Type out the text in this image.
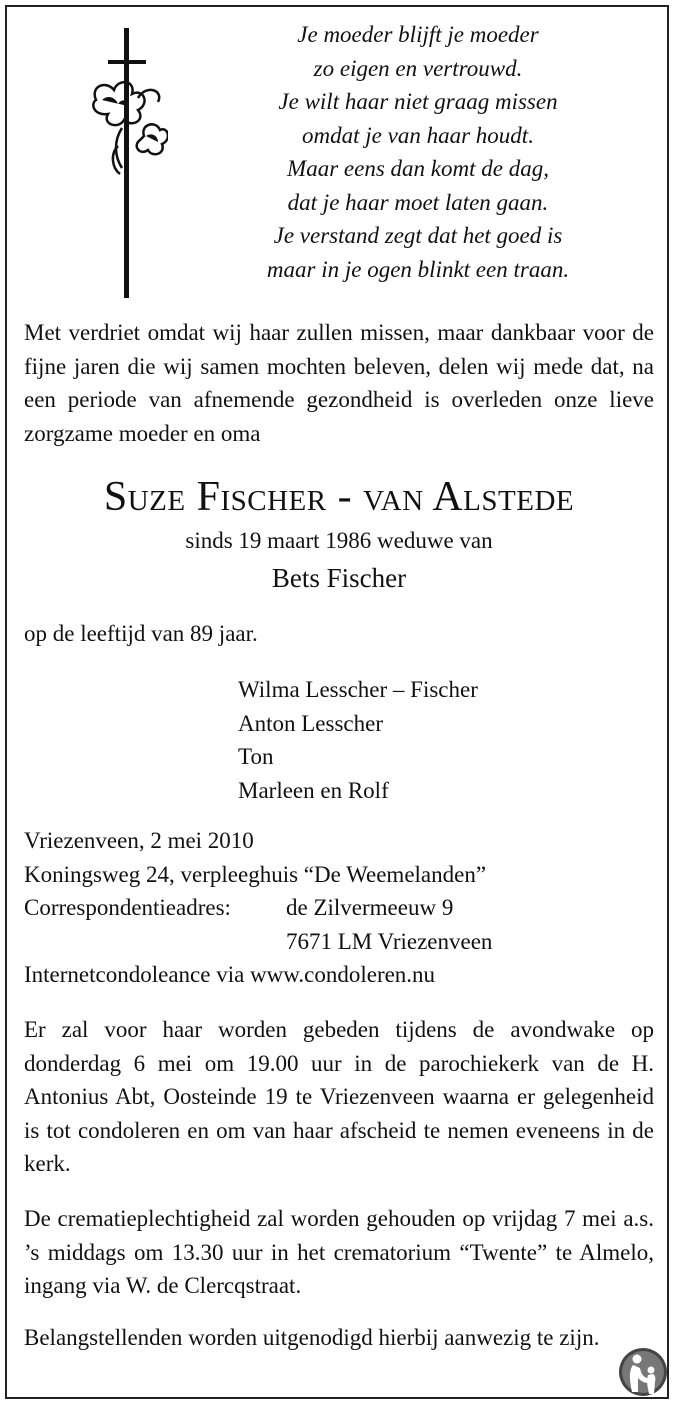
Je moeder blijft je moeder
zo eigen en vertrouwd.
Je wilt haar niet graag missen
omdat je van haar houdt.
Maar eens dan komt de dag,
dat je haar moet laten gaan.
Je verstand zegt dat het goed is
maar in je ogen blinkt een traan.
Met verdriet omdat wij haar zullen missen, maar dankbaar voor de fijne jaren die wij samen mochten beleven, delen wij mede dat, na een periode van afnemende gezondheid is overleden onze lieve zorgzame moeder en oma
Suze Fischer - van Alstede
sinds 19 maart 1986 weduwe van
Bets Fischer
op de leeftijd van 89 jaar.
Wilma Lesscher – Fischer
Anton Lesscher
Ton
Marleen en Rolf
Vriezenveen, 2 mei 2010
Koningsweg 24, verpleeghuis “De Weemelanden”
Correspondentieadres:	de Zilvermeeuw 9
7671 LM Vriezenveen
Internetcondoleance via www.condoleren.nu
Er zal voor haar worden gebeden tijdens de avondwake op donderdag 6 mei om 19.00 uur in de parochiekerk van de H. Antonius Abt, Oosteinde 19 te Vriezenveen waarna er gelegenheid is tot condoleren en om van haar afscheid te nemen eveneens in de kerk.
De crematieplechtigheid zal worden gehouden op vrijdag 7 mei a.s. ’s middags om 13.30 uur in het crematorium “Twente” te Almelo, ingang via W. de Clercqstraat.
Belangstellenden worden uitgenodigd hierbij aanwezig te zijn.
